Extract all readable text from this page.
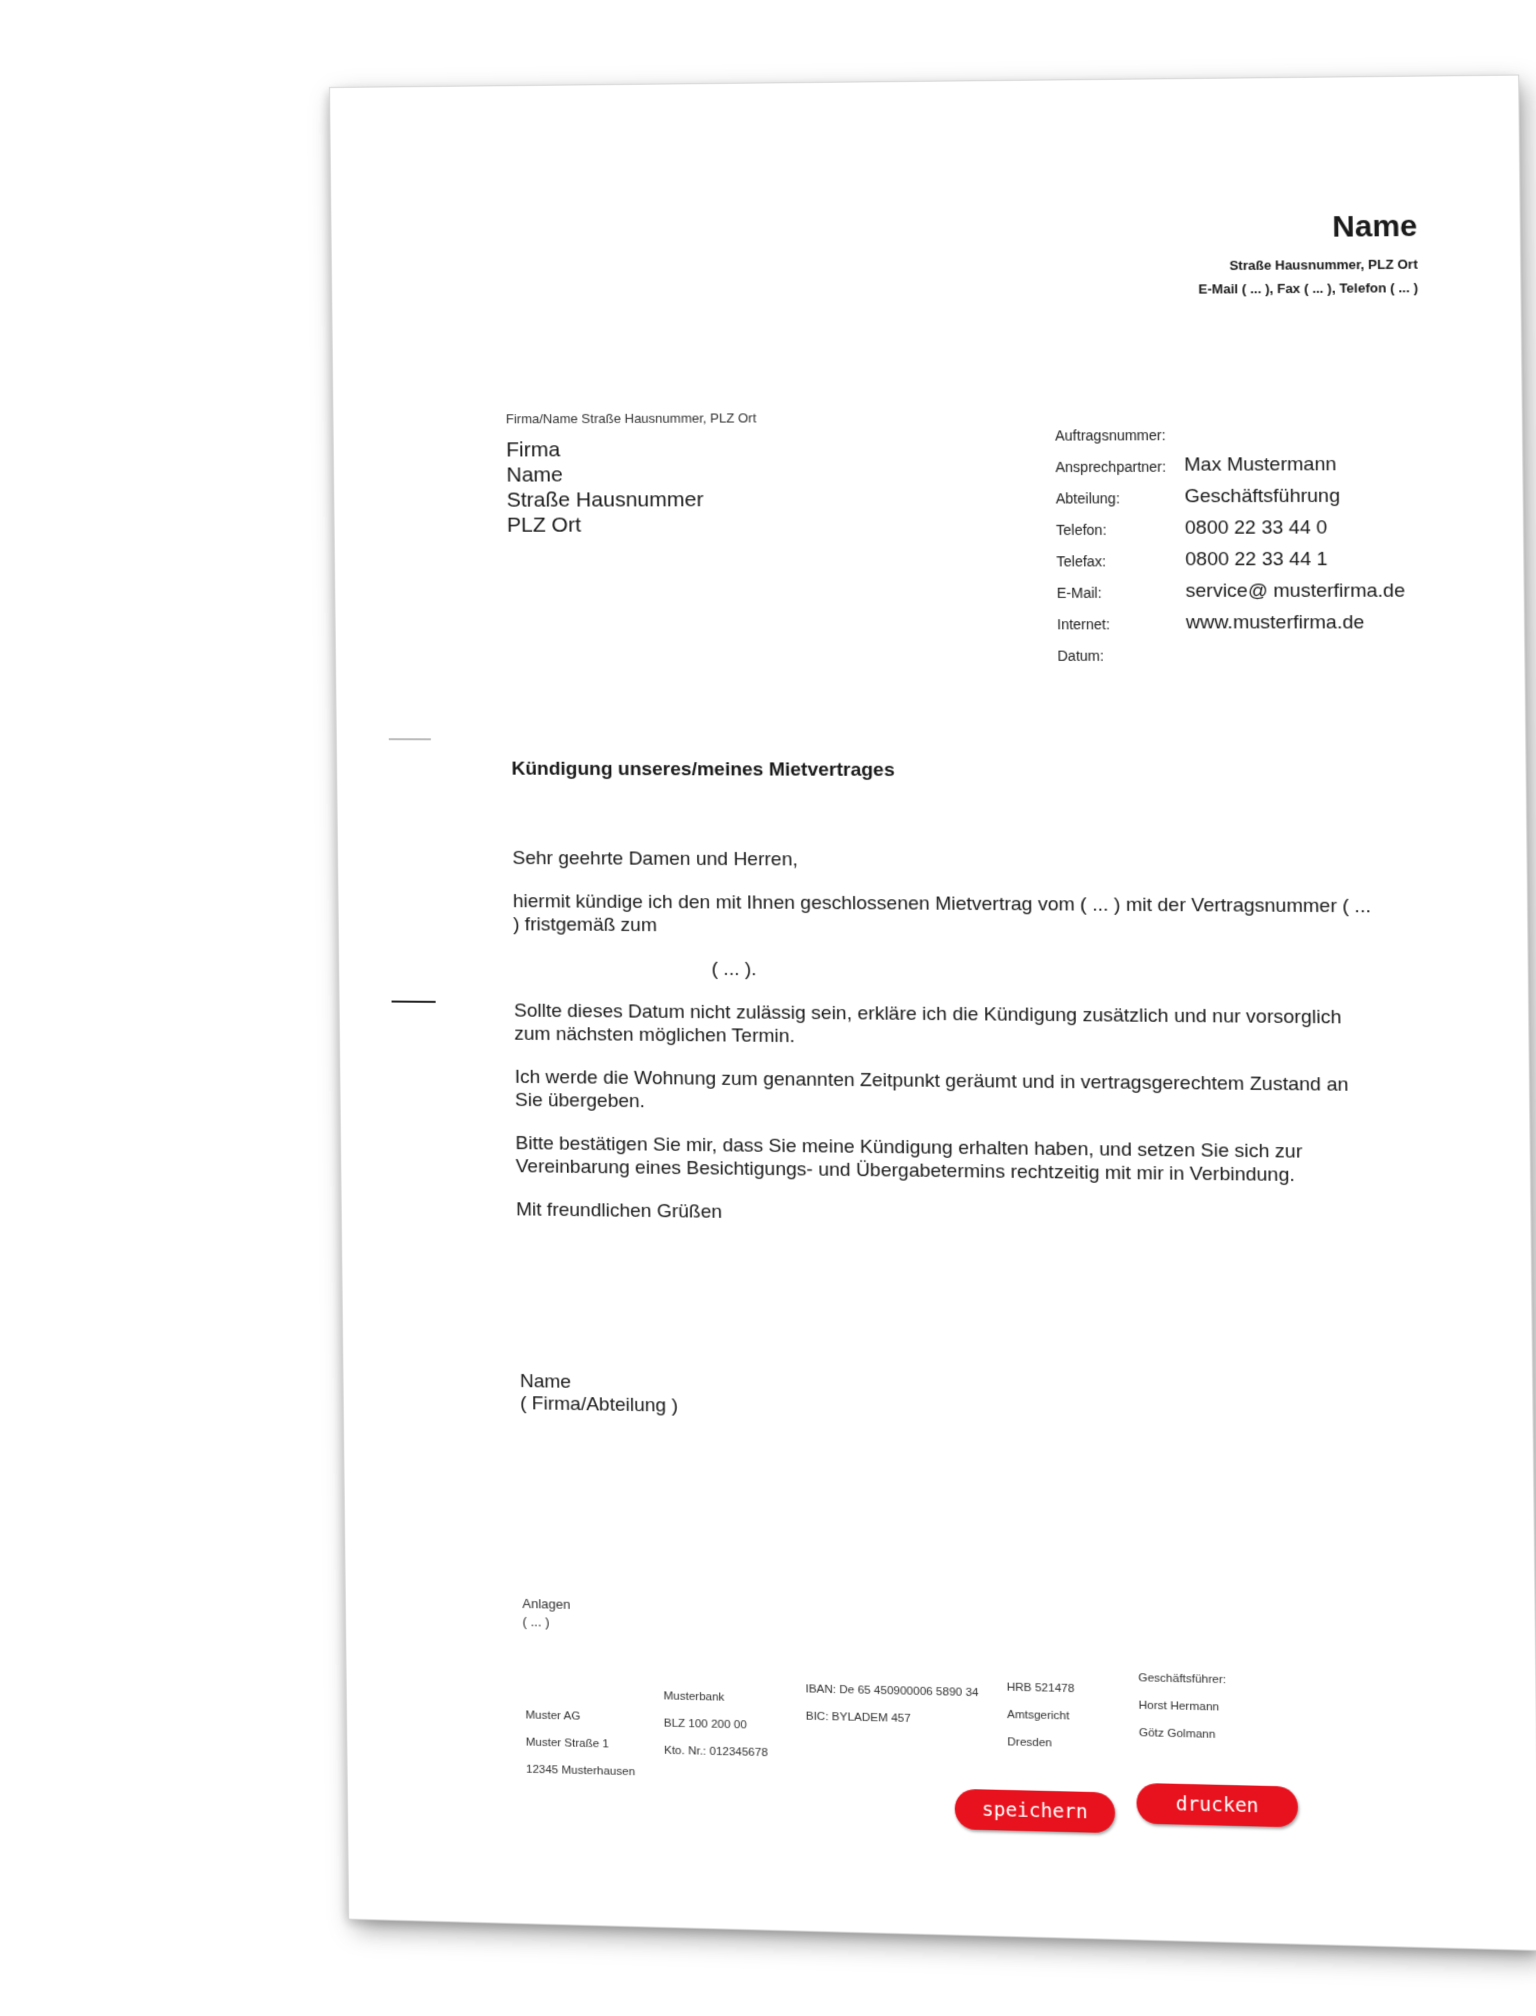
Name
Straße Hausnummer, PLZ Ort
E-Mail ( ... ), Fax ( ... ), Telefon ( ... )
Firma/Name Straße Hausnummer, PLZ Ort
Firma
Name
Straße Hausnummer
PLZ Ort
Auftragsnummer:
Ansprechpartner: Max Mustermann
Abteilung:	Geschäftsführung
Telefon:	0800 22 33 44 0
Telefax:	0800 22 33 44 1
E-Mail:	service@ musterfirma.de
Internet:	www.musterfirma.de
Datum:
Kündigung unseres/meines Mietvertrages

Sehr geehrte Damen und Herren,

hiermit kündige ich den mit Ihnen geschlossenen Mietvertrag vom ( ... ) mit der Vertragsnummer ( ... ) fristgemäß zum

( ... ).

Sollte dieses Datum nicht zulässig sein, erkläre ich die Kündigung zusätzlich und nur vorsorglich zum nächsten möglichen Termin.

Ich werde die Wohnung zum genannten Zeitpunkt geräumt und in vertragsgerechtem Zustand an Sie übergeben.

Bitte bestätigen Sie mir, dass Sie meine Kündigung erhalten haben, und setzen Sie sich zur Vereinbarung eines Besichtigungs- und Übergabetermins rechtzeitig mit mir in Verbindung.

Mit freundlichen Grüßen

Name
( Firma/Abteilung )
Anlagen
( ... )
Muster AG
Muster Straße 1
12345 Musterhausen
Musterbank
BLZ 100 200 00
Kto. Nr.: 012345678
IBAN: De 65 450900006 5890 34
BIC: BYLADEM 457
HRB 521478
Amtsgericht
Dresden
Geschäftsführer:
Horst Hermann
Götz Golmann
speichern	drucken
